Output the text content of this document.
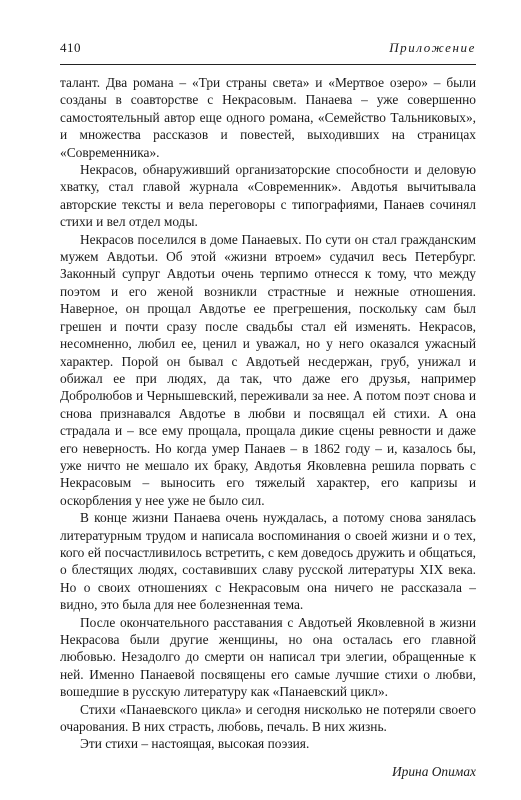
410	Приложение

талант. Два романа – «Три страны света» и «Мертвое озеро» – были созданы в соавторстве с Некрасовым. Панаева – уже совершенно самостоятельный автор еще одного романа, «Семейство Тальниковых», и множества рассказов и повестей, выходивших на страницах «Современника».

Некрасов, обнаруживший организаторские способности и деловую хватку, стал главой журнала «Современник». Авдотья вычитывала авторские тексты и вела переговоры с типографиями, Панаев сочинял стихи и вел отдел моды.

Некрасов поселился в доме Панаевых. По сути он стал гражданским мужем Авдотьи. Об этой «жизни втроем» судачил весь Петербург. Законный супруг Авдотьи очень терпимо отнесся к тому, что между поэтом и его женой возникли страстные и нежные отношения. Наверное, он прощал Авдотье ее прегрешения, поскольку сам был грешен и почти сразу после свадьбы стал ей изменять. Некрасов, несомненно, любил ее, ценил и уважал, но у него оказался ужасный характер. Порой он бывал с Авдотьей несдержан, груб, унижал и обижал ее при людях, да так, что даже его друзья, например Добролюбов и Чернышевский, переживали за нее. А потом поэт снова и снова признавался Авдотье в любви и посвящал ей стихи. А она страдала и – все ему прощала, прощала дикие сцены ревности и даже его неверность. Но когда умер Панаев – в 1862 году – и, казалось бы, уже ничто не мешало их браку, Авдотья Яковлевна решила порвать с Некрасовым – выносить его тяжелый характер, его капризы и оскорбления у нее уже не было сил.

В конце жизни Панаева очень нуждалась, а потому снова занялась литературным трудом и написала воспоминания о своей жизни и о тех, кого ей посчастливилось встретить, с кем доведось дружить и общаться, о блестящих людях, составивших славу русской литературы XIX века. Но о своих отношениях с Некрасовым она ничего не рассказала – видно, это была для нее болезненная тема.

После окончательного расставания с Авдотьей Яковлевной в жизни Некрасова были другие женщины, но она осталась его главной любовью. Незадолго до смерти он написал три элегии, обращенные к ней. Именно Панаевой посвящены его самые лучшие стихи о любви, вошедшие в русскую литературу как «Панаевский цикл».

Стихи «Панаевского цикла» и сегодня нисколько не потеряли своего очарования. В них страсть, любовь, печаль. В них жизнь.

Эти стихи – настоящая, высокая поэзия.

Ирина Опимах
